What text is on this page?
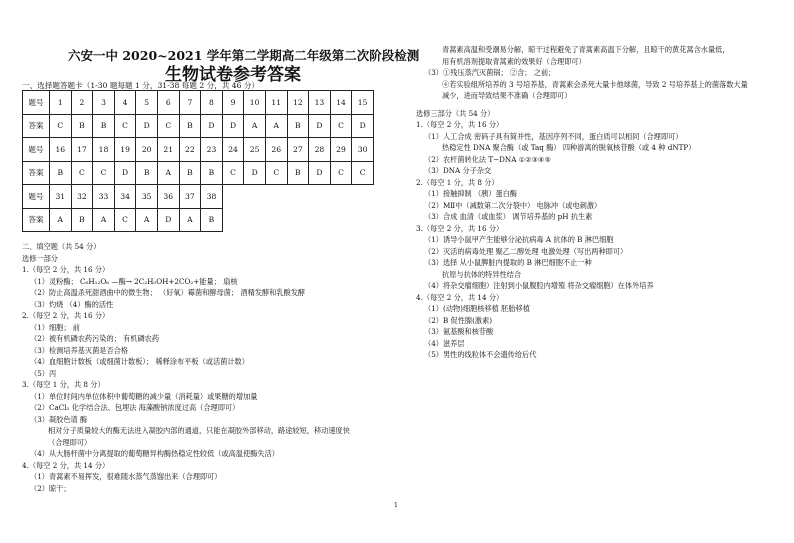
六安一中 2020~2021 学年第二学期高二年级第二次阶段检测
生物试卷参考答案
一、选择题答题卡（1-30 题每题 1 分，31-38 每题 2 分，共 46 分）
题号	1	2	3	4	5	6	7	8	9	10	11	12	13	14	15
答案	C	B	B	C	D	C	B	D	D	A	A	B	D	C	D
题号	16	17	18	19	20	21	22	23	24	25	26	27	28	29	30
答案	B	C	C	D	B	A	B	B	C	D	C	B	D	C	C
题号	31	32	33	34	35	36	37	38							
答案	A	B	A	C	A	D	A	B							
二、填空题（共 54 分）
选修一部分
1.（每空 2 分，共 16 分）
（1）灵粉酶； C₆H₁₂O₆ —酶→ 2C₂H₅OH+2CO₂+能量； 扇核
（2）防止高温杀死甜酒曲中的微生物； （好氧）霉菌和酵母菌； 酒精发酵和乳酸发酵
（3）灼烧 （4）酶的活性
2.（每空 2 分，共 16 分）
（1）细胞； 前
（2）被有机磷农药污染的； 有机磷农药
（3）检测培养基灭菌是否合格
（4）血细胞计数板（或细菌计数板）； 稀释涂布平板（或活菌计数）
（5）丙
3.（每空 1 分，共 8 分）
（1）单位时间内单位体积中葡萄糖的减少量（消耗量）或果糖的增加量
（2）CaCl₂ 化学结合法、包埋法 海藻酸钠浓度过高（合理即可）
（3）凝胶色谱 酶
相对分子质量较大的酶无法进入凝胶内部的通道，只能在凝胶外部移动，路途较短，移动速度快
（合理即可）
（4）从大肠杆菌中分离提取的葡萄糖异构酶热稳定性较低（或高温使酶失活）
4.（每空 2 分，共 14 分）
（1）青蒿素不易挥发，很难随水蒸气蒸馏出来（合理即可）
（2）晾干；
青蒿素高温和受潮易分解，晾干过程避免了青蒿素高温下分解，且晾干的黄花蒿含水量低，
用有机溶剂提取青蒿素的效果好（合理即可）
（3）①残压蒸汽灭菌锅； ②含； 之前；
④若实验组所培养的 3 号培养基，青蒿素会杀死大量卡他球菌，导致 2 号培养基上的菌落数大量
减少，进而导致结果不准确（合理即可）
选修三部分（共 54 分）
1.（每空 2 分，共 16 分）
（1）人工合成 密码子具有简并性，基因序列不同，蛋白质可以相同（合理即可）
热稳定性 DNA 聚合酶（或 Taq 酶） 四种游离的脱氧核苷酸（或 4 种 dNTP）
（2）农杆菌转化法 T−DNA ①②③④⑤
（3）DNA 分子杂交
2.（每空 1 分，共 8 分）
（1）接触抑制 （胰）蛋白酶
（2）MⅡ中（减数第二次分裂中） 电脉冲（或电刺激）
（3）合成 血清（或血浆） 调节培养基的 pH 抗生素
3.（每空 2 分，共 16 分）
（1）诱导小鼠甲产生能够分泌抗病毒 A 抗体的 B 淋巴细胞
（2）灭活的病毒处理 聚乙二醇处理 电激处理（写出两种即可）
（3）选择 从小鼠脾脏内提取的 B 淋巴细胞不止一种
抗原与抗体的特异性结合
（4）将杂交瘤细胞）注射到小鼠腹腔内增殖 将杂交瘤细胞）在体外培养
4.（每空 2 分，共 14 分）
（1）(动物)细胞核移植 胚胎移植
（2）B 促性腺(激素)
（3）氨基酸和核苷酸
（4）滋养层
（5）男性的线粒体不会遗传给后代
1
